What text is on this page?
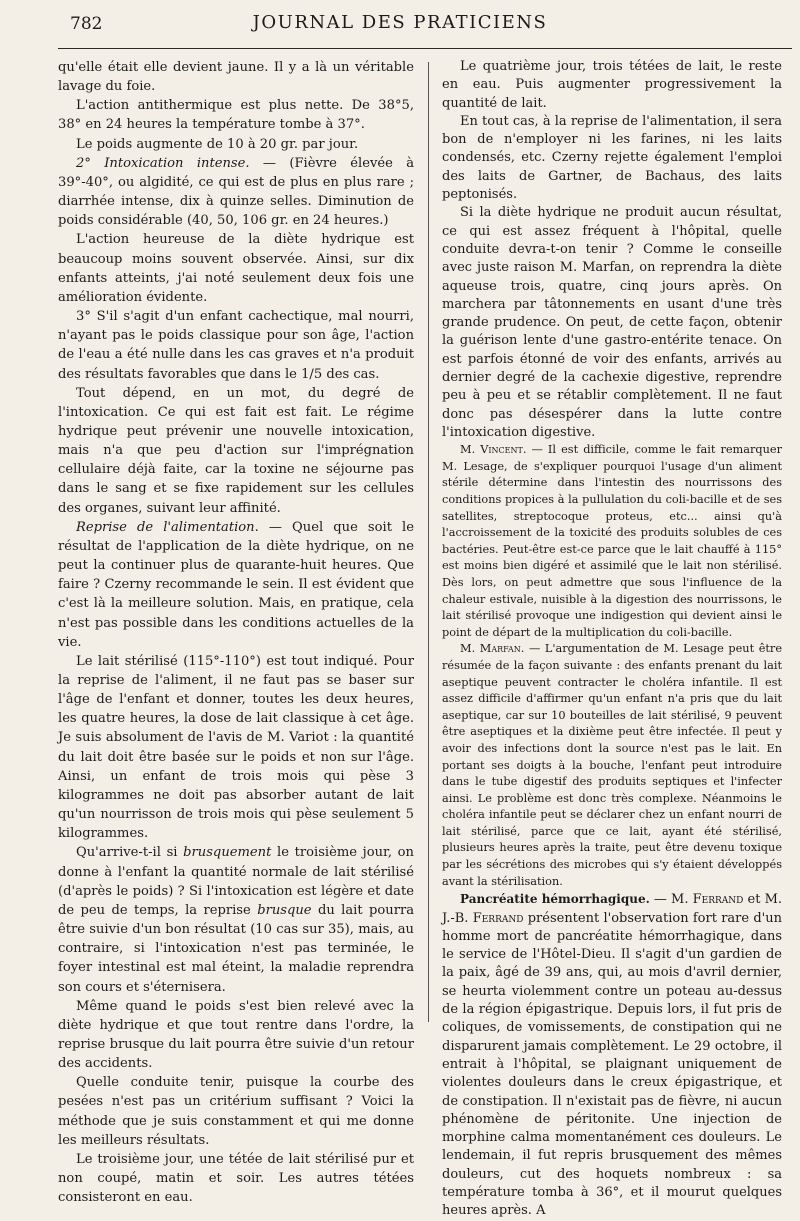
782	JOURNAL DES PRATICIENS

qu'elle était elle devient jaune. Il y a là un véritable lavage du foie.

L'action antithermique est plus nette. De 38°5, 38° en 24 heures la température tombe à 37°.

Le poids augmente de 10 à 20 gr. par jour.

2° Intoxication intense. — (Fièvre élevée à 39°-40°, ou algidité, ce qui est de plus en plus rare ; diarrhée intense, dix à quinze selles. Diminution de poids considérable (40, 50, 106 gr. en 24 heures.)

L'action heureuse de la diète hydrique est beaucoup moins souvent observée. Ainsi, sur dix enfants atteints, j'ai noté seulement deux fois une amélioration évidente.

3° S'il s'agit d'un enfant cachectique, mal nourri, n'ayant pas le poids classique pour son âge, l'action de l'eau a été nulle dans les cas graves et n'a produit des résultats favorables que dans le 1/5 des cas.

Tout dépend, en un mot, du degré de l'intoxication. Ce qui est fait est fait. Le régime hydrique peut prévenir une nouvelle intoxication, mais n'a que peu d'action sur l'imprégnation cellulaire déjà faite, car la toxine ne séjourne pas dans le sang et se fixe rapidement sur les cellules des organes, suivant leur affinité.

Reprise de l'alimentation. — Quel que soit le résultat de l'application de la diète hydrique, on ne peut la continuer plus de quarante-huit heures. Que faire ? Czerny recommande le sein. Il est évident que c'est là la meilleure solution. Mais, en pratique, cela n'est pas possible dans les conditions actuelles de la vie.

Le lait stérilisé (115°-110°) est tout indiqué. Pour la reprise de l'aliment, il ne faut pas se baser sur l'âge de l'enfant et donner, toutes les deux heures, les quatre heures, la dose de lait classique à cet âge. Je suis absolument de l'avis de M. Variot : la quantité du lait doit être basée sur le poids et non sur l'âge. Ainsi, un enfant de trois mois qui pèse 3 kilogrammes ne doit pas absorber autant de lait qu'un nourrisson de trois mois qui pèse seulement 5 kilogrammes.

Qu'arrive-t-il si brusquement le troisième jour, on donne à l'enfant la quantité normale de lait stérilisé (d'après le poids) ? Si l'intoxication est légère et date de peu de temps, la reprise brusque du lait pourra être suivie d'un bon résultat (10 cas sur 35), mais, au contraire, si l'intoxication n'est pas terminée, le foyer intestinal est mal éteint, la maladie reprendra son cours et s'éternisera.

Même quand le poids s'est bien relevé avec la diète hydrique et que tout rentre dans l'ordre, la reprise brusque du lait pourra être suivie d'un retour des accidents.

Quelle conduite tenir, puisque la courbe des pesées n'est pas un critérium suffisant ? Voici la méthode que je suis constamment et qui me donne les meilleurs résultats.

Le troisième jour, une tétée de lait stérilisé pur et non coupé, matin et soir. Les autres tétées consisteront en eau.

Le quatrième jour, trois tétées de lait, le reste en eau. Puis augmenter progressivement la quantité de lait.

En tout cas, à la reprise de l'alimentation, il sera bon de n'employer ni les farines, ni les laits condensés, etc. Czerny rejette également l'emploi des laits de Gartner, de Bachaus, des laits peptonisés.

Si la diète hydrique ne produit aucun résultat, ce qui est assez fréquent à l'hôpital, quelle conduite devra-t-on tenir ? Comme le conseille avec juste raison M. Marfan, on reprendra la diète aqueuse trois, quatre, cinq jours après. On marchera par tâtonnements en usant d'une très grande prudence. On peut, de cette façon, obtenir la guérison lente d'une gastro-entérite tenace. On est parfois étonné de voir des enfants, arrivés au dernier degré de la cachexie digestive, reprendre peu à peu et se rétablir complètement. Il ne faut donc pas désespérer dans la lutte contre l'intoxication digestive.

M. Vincent. — Il est difficile, comme le fait remarquer M. Lesage, de s'expliquer pourquoi l'usage d'un aliment stérile détermine dans l'intestin des nourrissons des conditions propices à la pullulation du coli-bacille et de ses satellites, streptocoque proteus, etc... ainsi qu'à l'accroissement de la toxicité des produits solubles de ces bactéries. Peut-être est-ce parce que le lait chauffé à 115° est moins bien digéré et assimilé que le lait non stérilisé. Dès lors, on peut admettre que sous l'influence de la chaleur estivale, nuisible à la digestion des nourrissons, le lait stérilisé provoque une indigestion qui devient ainsi le point de départ de la multiplication du coli-bacille.

M. Marfan. — L'argumentation de M. Lesage peut être résumée de la façon suivante : des enfants prenant du lait aseptique peuvent contracter le choléra infantile. Il est assez difficile d'affirmer qu'un enfant n'a pris que du lait aseptique, car sur 10 bouteilles de lait stérilisé, 9 peuvent être aseptiques et la dixième peut être infectée. Il peut y avoir des infections dont la source n'est pas le lait. En portant ses doigts à la bouche, l'enfant peut introduire dans le tube digestif des produits septiques et l'infecter ainsi. Le problème est donc très complexe. Néanmoins le choléra infantile peut se déclarer chez un enfant nourri de lait stérilisé, parce que ce lait, ayant été stérilisé, plusieurs heures après la traite, peut être devenu toxique par les sécrétions des microbes qui s'y étaient développés avant la stérilisation.

Pancréatite hémorrhagique. — M. Ferrand et M. J.-B. Ferrand présentent l'observation fort rare d'un homme mort de pancréatite hémorrhagique, dans le service de l'Hôtel-Dieu. Il s'agit d'un gardien de la paix, âgé de 39 ans, qui, au mois d'avril dernier, se heurta violemment contre un poteau au-dessus de la région épigastrique. Depuis lors, il fut pris de coliques, de vomissements, de constipation qui ne disparurent jamais complètement. Le 29 octobre, il entrait à l'hôpital, se plaignant uniquement de violentes douleurs dans le creux épigastrique, et de constipation. Il n'existait pas de fièvre, ni aucun phénomène de péritonite. Une injection de morphine calma momentanément ces douleurs. Le lendemain, il fut repris brusquement des mêmes douleurs, cut des hoquets nombreux : sa température tomba à 36°, et il mourut quelques heures après. A
